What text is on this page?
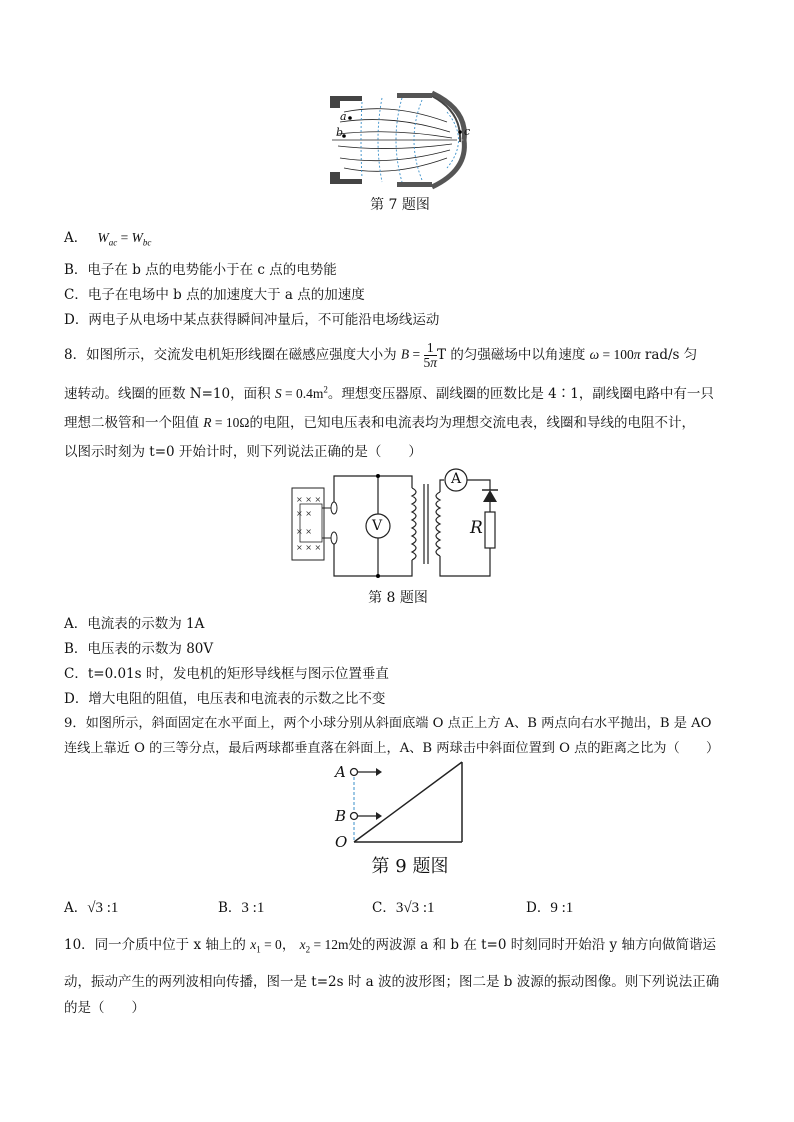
a
b	c
第 7 题图
A． $W_{ac} = W_{bc}$
B．电子在 b 点的电势能小于在 c 点的电势能
C．电子在电场中 b 点的加速度大于 a 点的加速度
D．两电子从电场中某点获得瞬间冲量后，不可能沿电场线运动
8．如图所示，交流发电机矩形线圈在磁感应强度大小为 $B = \frac{1}{5\pi}$ T 的匀强磁场中以角速度 ω = 100π rad/s 匀
速转动。线圈的匝数 N=10，面积 $S = 0.4m^2$。理想变压器原、副线圈的匝数比是 4∶1，副线圈电路中有一只
理想二极管和一个阻值 R = 10Ω的电阻，已知电压表和电流表均为理想交流电表，线圈和导线的电阻不计，
以图示时刻为 t=0 开始计时，则下列说法正确的是（　　）
× × ×
× ×
× ×
× × ×
V
A
R
第 8 题图
A．电流表的示数为 1A
B．电压表的示数为 80V
C．t=0.01s 时，发电机的矩形导线框与图示位置垂直
D．增大电阻的阻值，电压表和电流表的示数之比不变
9．如图所示，斜面固定在水平面上，两个小球分别从斜面底端 O 点正上方 A、B 两点向右水平抛出，B 是 AO
连线上靠近 O 的三等分点，最后两球都垂直落在斜面上，A、B 两球击中斜面位置到 O 点的距离之比为（　　）
A
B
O
第 9 题图
A．√3 :1	B．3 :1	C．3√3 :1	D．9 :1
10．同一介质中位于 x 轴上的 $x_1 = 0$， $x_2 = 12m$处的两波源 a 和 b 在 t=0 时刻同时开始沿 y 轴方向做简谐运
动，振动产生的两列波相向传播，图一是 t=2s 时 a 波的波形图；图二是 b 波源的振动图像。则下列说法正确
的是（　　）
